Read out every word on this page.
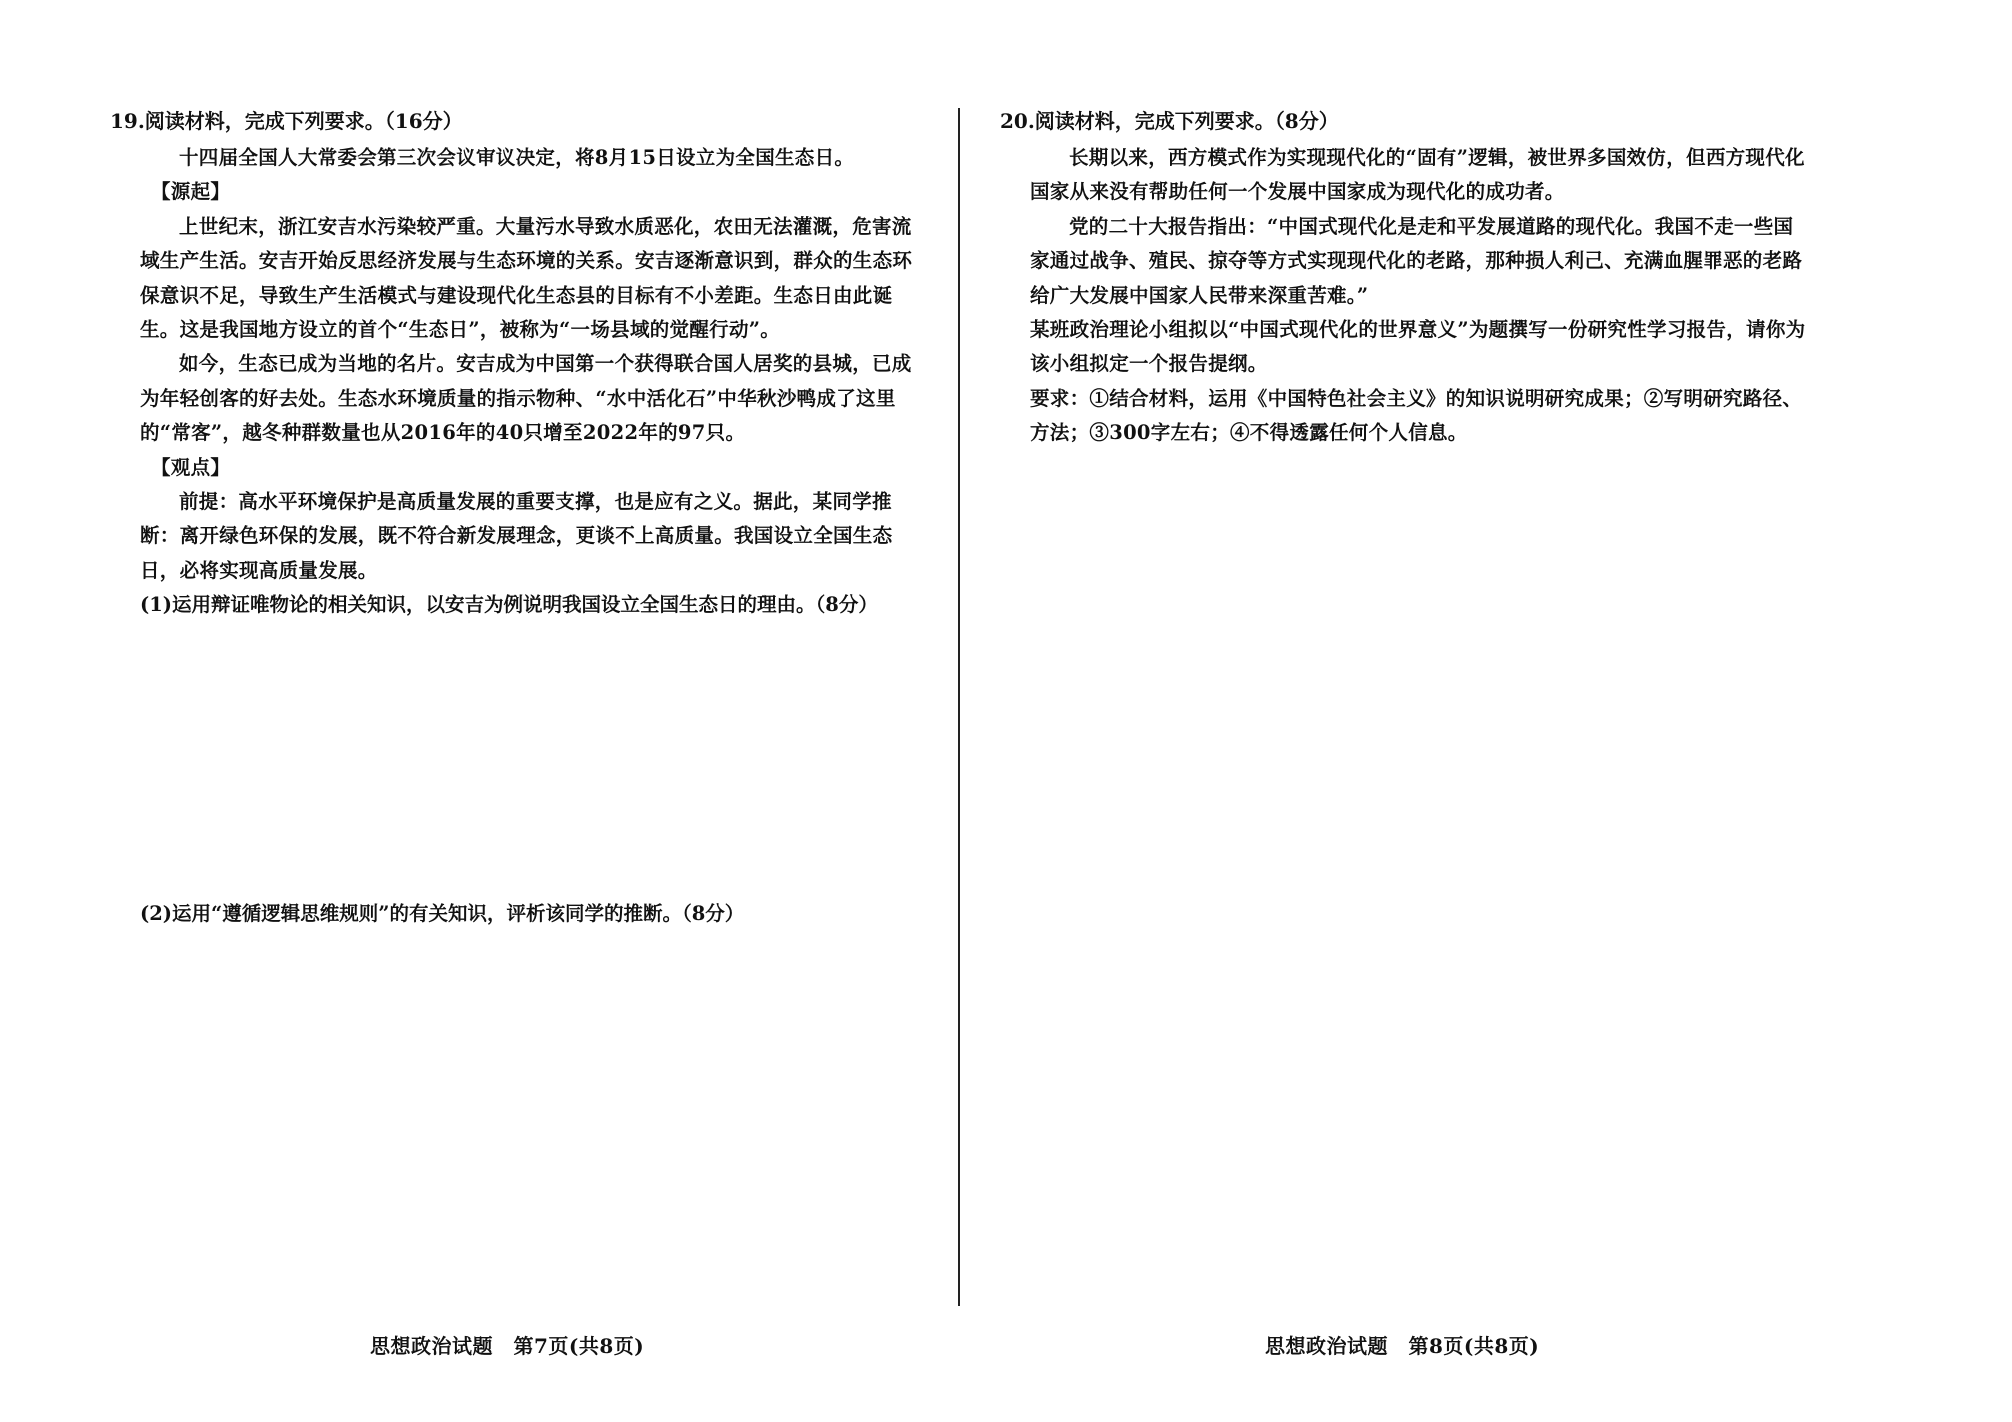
19.阅读材料，完成下列要求。（16分）

十四届全国人大常委会第三次会议审议决定，将8月15日设立为全国生态日。

【源起】

上世纪末，浙江安吉水污染较严重。大量污水导致水质恶化，农田无法灌溉，危害流域生产生活。安吉开始反思经济发展与生态环境的关系。安吉逐渐意识到，群众的生态环保意识不足，导致生产生活模式与建设现代化生态县的目标有不小差距。生态日由此诞生。这是我国地方设立的首个“生态日”，被称为“一场县域的觉醒行动”。

如今，生态已成为当地的名片。安吉成为中国第一个获得联合国人居奖的县城，已成为年轻创客的好去处。生态水环境质量的指示物种、“水中活化石”中华秋沙鸭成了这里的“常客”，越冬种群数量也从2016年的40只增至2022年的97只。

【观点】

前提：高水平环境保护是高质量发展的重要支撑，也是应有之义。据此，某同学推断：离开绿色环保的发展，既不符合新发展理念，更谈不上高质量。我国设立全国生态日，必将实现高质量发展。

(1)运用辩证唯物论的相关知识，以安吉为例说明我国设立全国生态日的理由。（8分）
(2)运用“遵循逻辑思维规则”的有关知识，评析该同学的推断。（8分）
思想政治试题　第7页(共8页)
20.阅读材料，完成下列要求。（8分）

长期以来，西方模式作为实现现代化的“固有”逻辑，被世界多国效仿，但西方现代化国家从来没有帮助任何一个发展中国家成为现代化的成功者。

党的二十大报告指出：“中国式现代化是走和平发展道路的现代化。我国不走一些国家通过战争、殖民、掠夺等方式实现现代化的老路，那种损人利己、充满血腥罪恶的老路给广大发展中国家人民带来深重苦难。”

某班政治理论小组拟以“中国式现代化的世界意义”为题撰写一份研究性学习报告，请你为该小组拟定一个报告提纲。

要求：①结合材料，运用《中国特色社会主义》的知识说明研究成果；②写明研究路径、方法；③300字左右；④不得透露任何个人信息。

思想政治试题　第8页(共8页)
